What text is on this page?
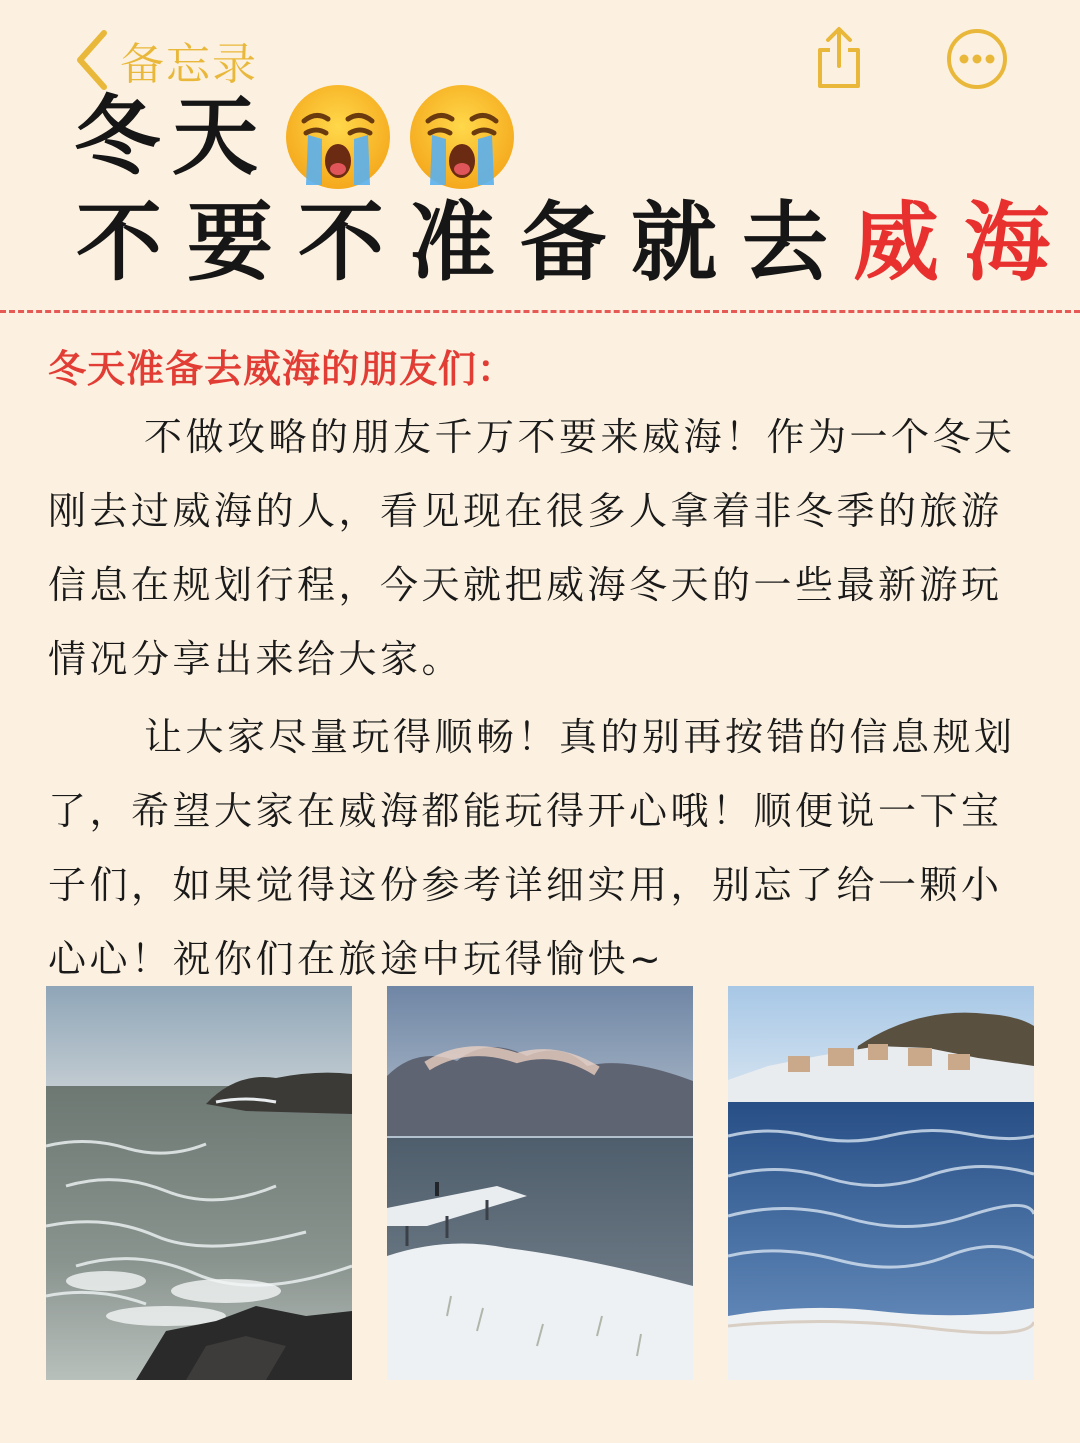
备忘录
冬天
不要不准备就去威海
冬天准备去威海的朋友们：
不做攻略的朋友千万不要来威海！作为一个冬天刚去过威海的人，看见现在很多人拿着非冬季的旅游信息在规划行程，今天就把威海冬天的一些最新游玩情况分享出来给大家。
让大家尽量玩得顺畅！真的别再按错的信息规划了，希望大家在威海都能玩得开心哦！顺便说一下宝子们，如果觉得这份参考详细实用，别忘了给一颗小心心！祝你们在旅途中玩得愉快~
